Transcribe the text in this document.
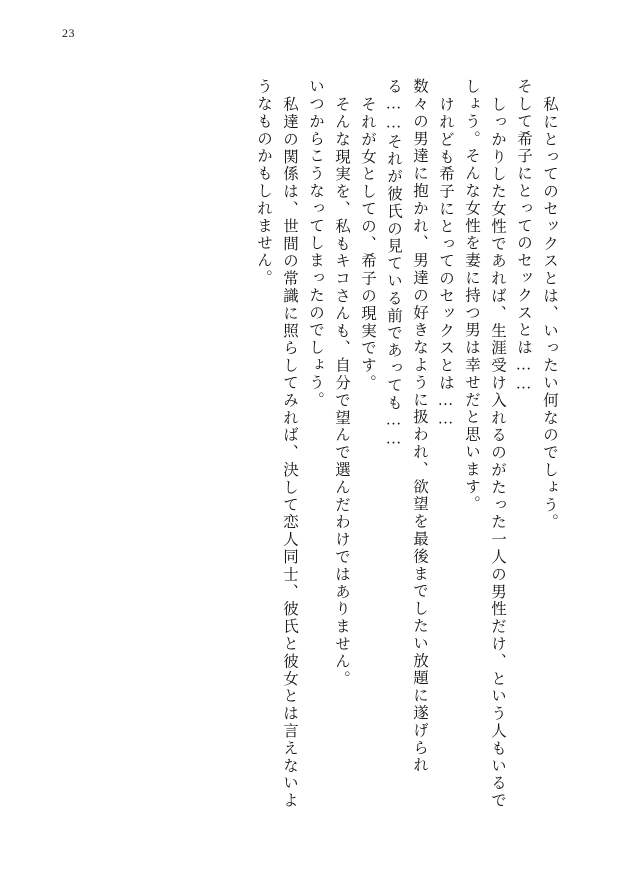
23
私にとってのセックスとは、いったい何なのでしょう。
そして希子にとってのセックスとは……
しっかりした女性であれば、生涯受け入れるのがたった一人の男性だけ、という人もいるで
しょう。そんな女性を妻に持つ男は幸せだと思います。
けれども希子にとってのセックスとは……
数々の男達に抱かれ、男達の好きなように扱われ、欲望を最後までしたい放題に遂げられ
る……それが彼氏の見ている前であっても……
それが女としての、希子の現実です。
そんな現実を、私もキコさんも、自分で望んで選んだわけではありません。
いつからこうなってしまったのでしょう。
私達の関係は、世間の常識に照らしてみれば、決して恋人同士、彼氏と彼女とは言えないよ
うなものかもしれません。
